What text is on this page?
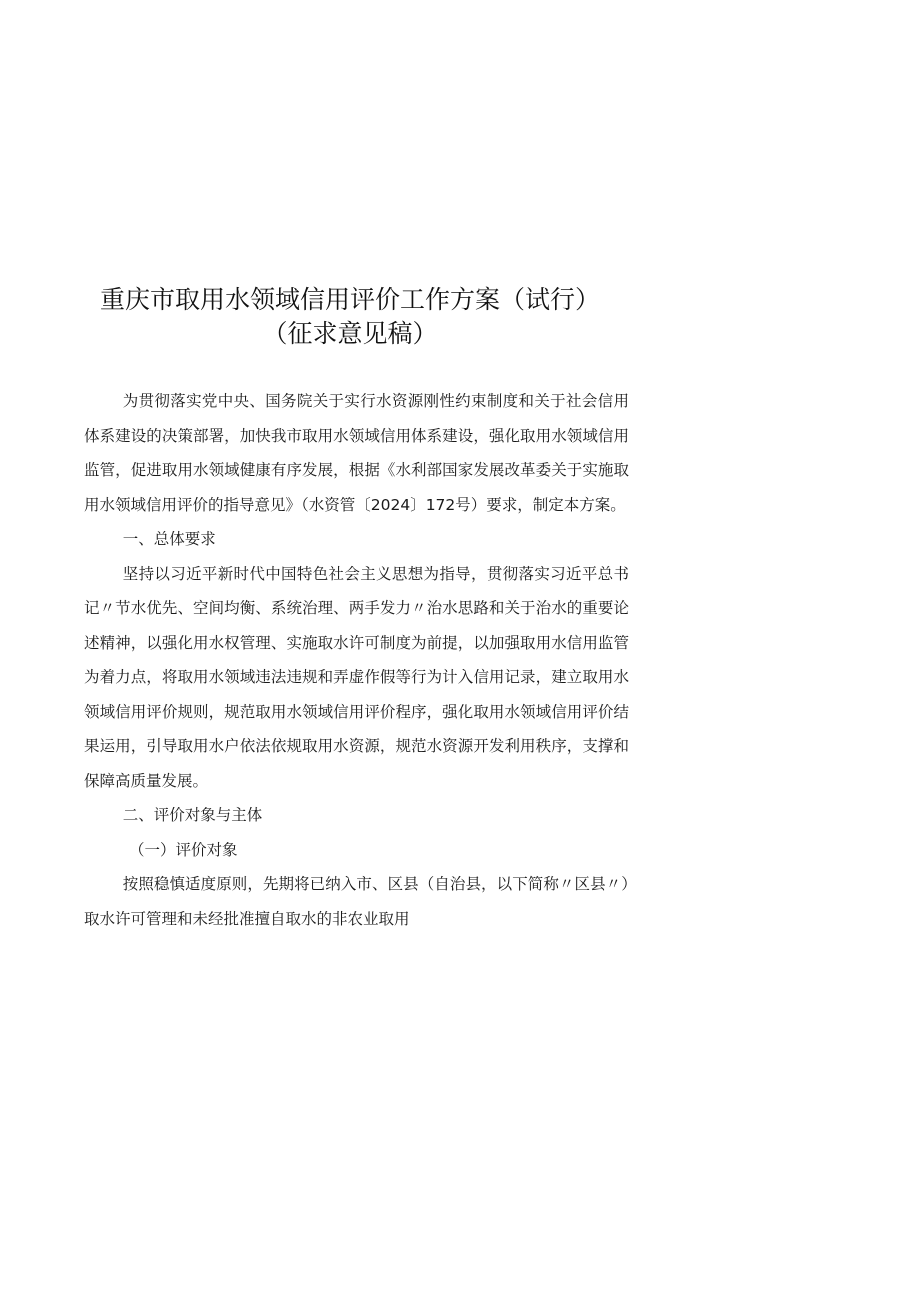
重庆市取用水领域信用评价工作方案（试行）
（征求意见稿）

为贯彻落实党中央、国务院关于实行水资源刚性约束制度和关于社会信用体系建设的决策部署，加快我市取用水领域信用体系建设，强化取用水领域信用监管，促进取用水领域健康有序发展，根据《水利部国家发展改革委关于实施取用水领域信用评价的指导意见》（水资管〔2024〕172号）要求，制定本方案。

一、总体要求

坚持以习近平新时代中国特色社会主义思想为指导，贯彻落实习近平总书记〃节水优先、空间均衡、系统治理、两手发力〃治水思路和关于治水的重要论述精神，以强化用水权管理、实施取水许可制度为前提，以加强取用水信用监管为着力点，将取用水领域违法违规和弄虚作假等行为计入信用记录，建立取用水领域信用评价规则，规范取用水领域信用评价程序，强化取用水领域信用评价结果运用，引导取用水户依法依规取用水资源，规范水资源开发利用秩序，支撑和保障高质量发展。

二、评价对象与主体

（一）评价对象

按照稳慎适度原则，先期将已纳入市、区县（自治县，以下简称〃区县〃）取水许可管理和未经批准擅自取水的非农业取用
